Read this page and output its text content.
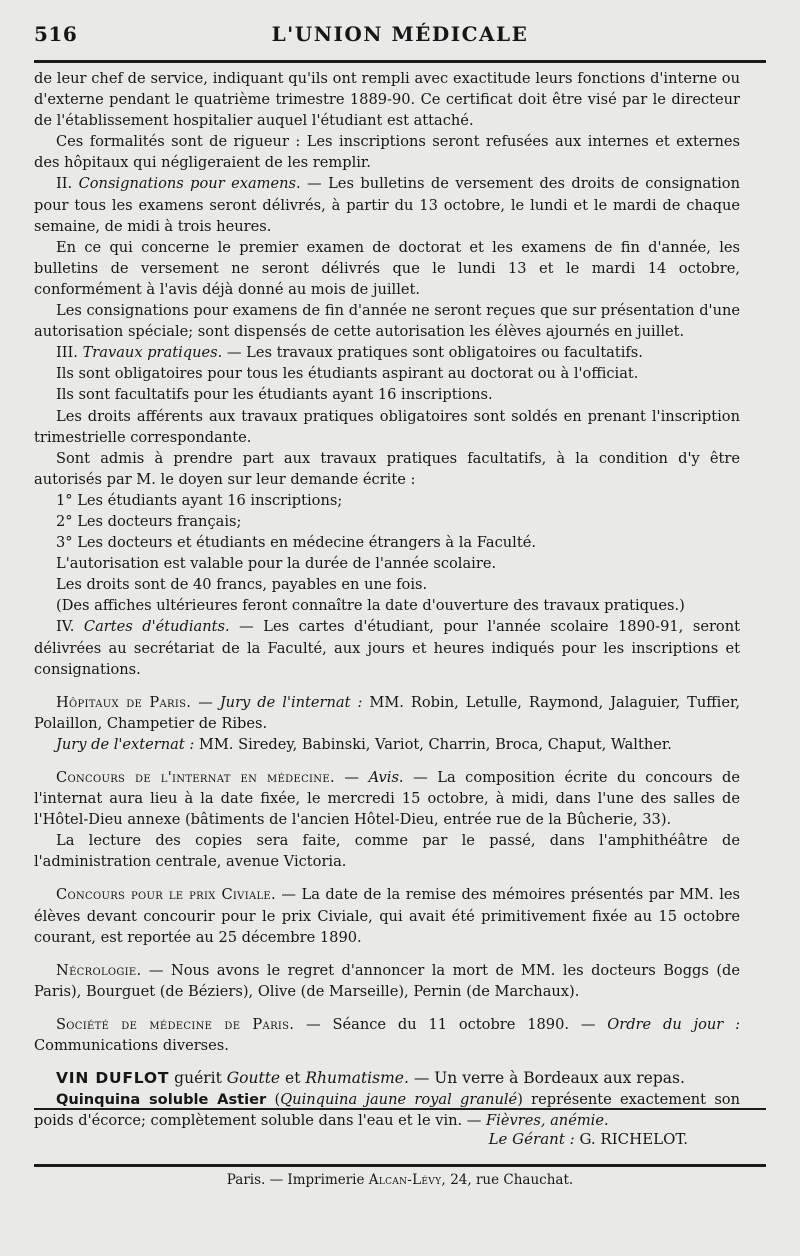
516	L'UNION MÉDICALE

de leur chef de service, indiquant qu'ils ont rempli avec exactitude leurs fonctions d'interne ou d'externe pendant le quatrième trimestre 1889-90. Ce certificat doit être visé par le directeur de l'établissement hospitalier auquel l'étudiant est attaché.

Ces formalités sont de rigueur : Les inscriptions seront refusées aux internes et externes des hôpitaux qui négligeraient de les remplir.

II. Consignations pour examens. — Les bulletins de versement des droits de consignation pour tous les examens seront délivrés, à partir du 13 octobre, le lundi et le mardi de chaque semaine, de midi à trois heures.

En ce qui concerne le premier examen de doctorat et les examens de fin d'année, les bulletins de versement ne seront délivrés que le lundi 13 et le mardi 14 octobre, conformément à l'avis déjà donné au mois de juillet.

Les consignations pour examens de fin d'année ne seront reçues que sur présentation d'une autorisation spéciale; sont dispensés de cette autorisation les élèves ajournés en juillet.

III. Travaux pratiques. — Les travaux pratiques sont obligatoires ou facultatifs.

Ils sont obligatoires pour tous les étudiants aspirant au doctorat ou à l'officiat.

Ils sont facultatifs pour les étudiants ayant 16 inscriptions.

Les droits afférents aux travaux pratiques obligatoires sont soldés en prenant l'inscription trimestrielle correspondante.

Sont admis à prendre part aux travaux pratiques facultatifs, à la condition d'y être autorisés par M. le doyen sur leur demande écrite :

1° Les étudiants ayant 16 inscriptions;

2° Les docteurs français;

3° Les docteurs et étudiants en médecine étrangers à la Faculté.

L'autorisation est valable pour la durée de l'année scolaire.

Les droits sont de 40 francs, payables en une fois.

(Des affiches ultérieures feront connaître la date d'ouverture des travaux pratiques.)

IV. Cartes d'étudiants. — Les cartes d'étudiant, pour l'année scolaire 1890-91, seront délivrées au secrétariat de la Faculté, aux jours et heures indiqués pour les inscriptions et consignations.

Hôpitaux de Paris. — Jury de l'internat : MM. Robin, Letulle, Raymond, Jalaguier, Tuffier, Polaillon, Champetier de Ribes.

Jury de l'externat : MM. Siredey, Babinski, Variot, Charrin, Broca, Chaput, Walther.

Concours de l'internat en médecine. — Avis. — La composition écrite du concours de l'internat aura lieu à la date fixée, le mercredi 15 octobre, à midi, dans l'une des salles de l'Hôtel-Dieu annexe (bâtiments de l'ancien Hôtel-Dieu, entrée rue de la Bûcherie, 33).

La lecture des copies sera faite, comme par le passé, dans l'amphithéâtre de l'administration centrale, avenue Victoria.

Concours pour le prix Civiale. — La date de la remise des mémoires présentés par MM. les élèves devant concourir pour le prix Civiale, qui avait été primitivement fixée au 15 octobre courant, est reportée au 25 décembre 1890.

Nécrologie. — Nous avons le regret d'annoncer la mort de MM. les docteurs Boggs (de Paris), Bourguet (de Béziers), Olive (de Marseille), Pernin (de Marchaux).

Société de médecine de Paris. — Séance du 11 octobre 1890. — Ordre du jour : Communications diverses.

VIN DUFLOT guérit Goutte et Rhumatisme. — Un verre à Bordeaux aux repas.

Quinquina soluble Astier (Quinquina jaune royal granulé) représente exactement son poids d'écorce; complètement soluble dans l'eau et le vin. — Fièvres, anémie.

Le Gérant : G. RICHELOT.
Paris. — Imprimerie Alcan-Lévy, 24, rue Chauchat.
